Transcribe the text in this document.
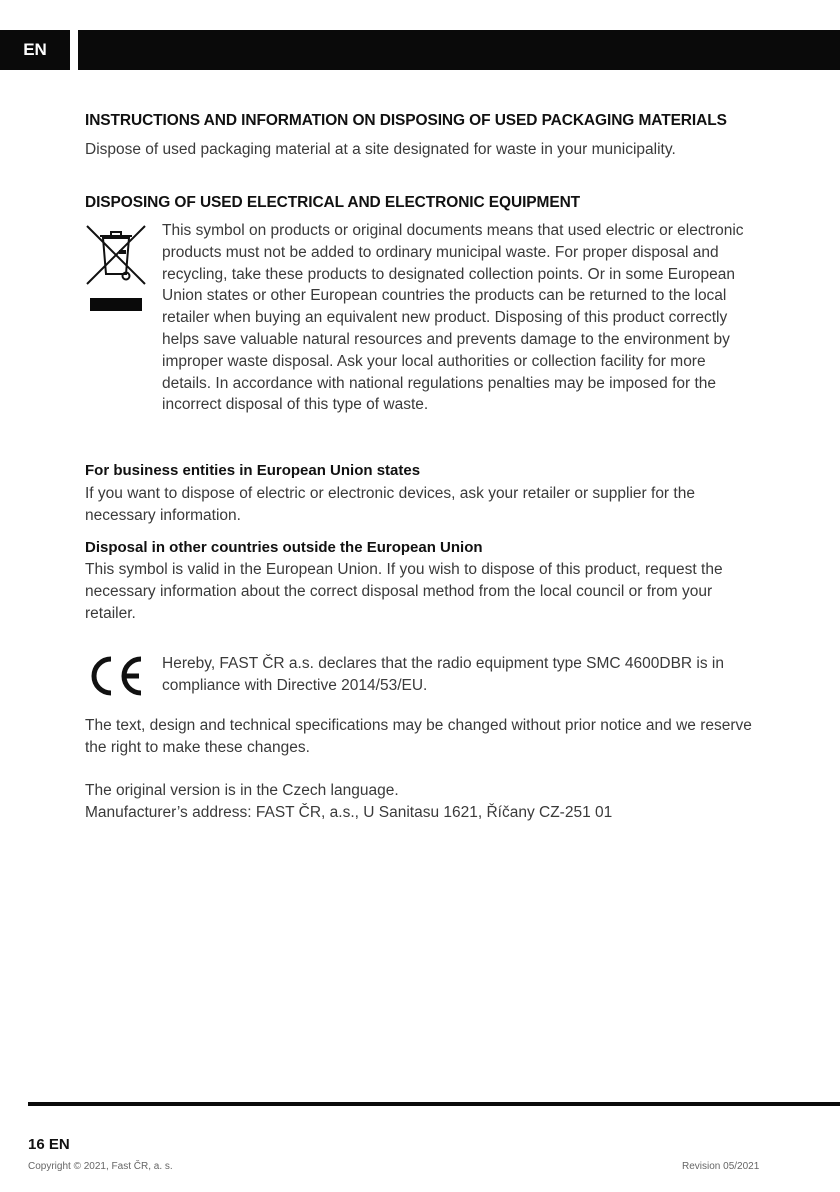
EN
INSTRUCTIONS AND INFORMATION ON DISPOSING OF USED PACKAGING MATERIALS
Dispose of used packaging material at a site designated for waste in your municipality.
DISPOSING OF USED ELECTRICAL AND ELECTRONIC EQUIPMENT
This symbol on products or original documents means that used electric or electronic products must not be added to ordinary municipal waste. For proper disposal and recycling, take these products to designated collection points. Or in some European Union states or other European countries the products can be returned to the local retailer when buying an equivalent new product. Disposing of this product correctly helps save valuable natural resources and prevents damage to the environment by improper waste disposal. Ask your local authorities or collection facility for more details. In accordance with national regulations penalties may be imposed for the incorrect disposal of this type of waste.
For business entities in European Union states
If you want to dispose of electric or electronic devices, ask your retailer or supplier for the necessary information.
Disposal in other countries outside the European Union
This symbol is valid in the European Union. If you wish to dispose of this product, request the necessary information about the correct disposal method from the local council or from your retailer.
Hereby, FAST ČR a.s. declares that the radio equipment type SMC 4600DBR is in compliance with Directive 2014/53/EU.
The text, design and technical specifications may be changed without prior notice and we reserve the right to make these changes.
The original version is in the Czech language.
Manufacturer’s address: FAST ČR, a.s., U Sanitasu 1621, Říčany CZ-251 01
16 EN
Copyright © 2021, Fast ČR, a. s.	Revision 05/2021
